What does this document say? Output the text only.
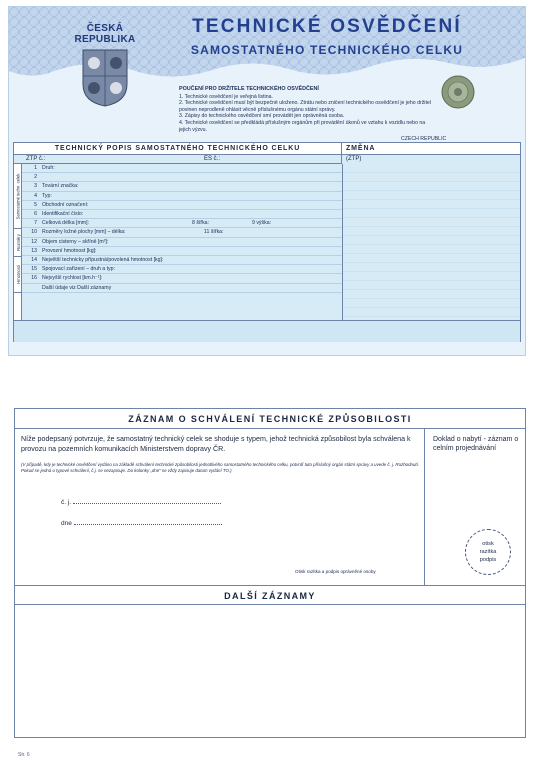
ČESKÁ
REPUBLIKA
TECHNICKÉ OSVĚDČENÍ
SAMOSTATNÉHO TECHNICKÉHO CELKU
POUČENÍ PRO DRŽITELE TECHNICKÉHO OSVĚDČENÍ
1. Technické osvědčení je veřejná listina.
2. Technické osvědčení musí být bezpečně uloženo. Ztrátu nebo zničení technického osvědčení je jeho držitel povinen neprodleně ohlásit věcně příslušnému orgánu státní správy.
3. Zápisy do technického osvědčení smí provádět jen oprávněná osoba.
4. Technické osvědčení se předkládá příslušným orgánům při provádění úkonů ve vztahu k vozidlu nebo na jejich výzvu.
CZECH REPUBLIC
TECHNICKÝ POPIS SAMOSTATNÉHO TECHNICKÉHO CELKU	ZMĚNA
ZTP č.:	ES č.:	(ZTP)
Samostatné techn. celek
Rozměry
Hmotnosti
1 Druh:
2
3 Tovární značka:
4 Typ:
5 Obchodní označení:
6 Identifikační číslo:
7 Celková délka [mm]:	8 šířka:	9 výška:
10 Rozměry ložné plochy [mm] – délka:	11 šířka:
12 Objem cisterny – skříně [m³]:
13 Provozní hmotnost [kg]:
14 Největší technicky přípustná/povolená hmotnost [kg]:
15 Spojovací zařízení – druh a typ:
16 Nejvyšší rychlost [km.h⁻¹]:
Další údaje viz Další záznamy
ZÁZNAM O SCHVÁLENÍ TECHNICKÉ ZPŮSOBILOSTI
Níže podepsaný potvrzuje, že samostatný technický celek se shoduje s typem, jehož technická způsobilost byla schválena k provozu na pozemních komunikacích Ministerstvem dopravy ČR.
(V případě, kdy je technické osvědčení vydáno na základě schválení technické způsobilosti jednotlivého samostatného technického celku, potvrdí tuto příslušný orgán státní správy a uvede č. j. Rozhodnutí. Pokud se jedná o typové schválení, č.j. se nezapisuje. Do kolonky „dne" se vždy zapisuje datum vydání TO.)
č. j.
dne
Otisk razítka a podpis oprávněné osoby
Doklad o nabytí - záznam o celním projednávání
otisk
razítka
podpis
DALŠÍ ZÁZNAMY
Str. 6
